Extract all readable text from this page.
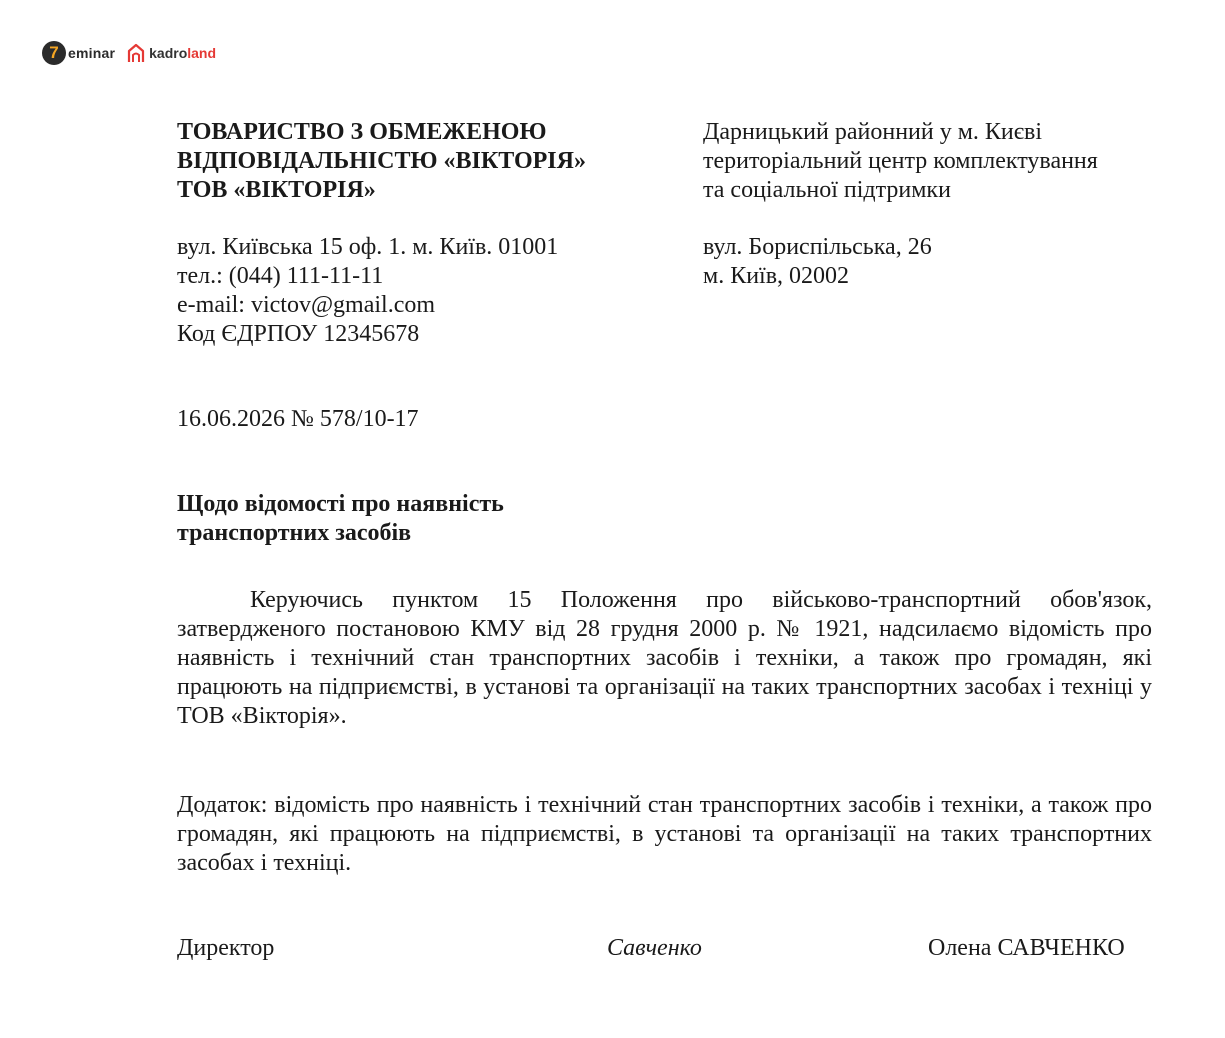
7 eminar kadro land
ТОВАРИСТВО З ОБМЕЖЕНОЮ
ВІДПОВІДАЛЬНІСТЮ «ВІКТОРІЯ»
ТОВ «ВІКТОРІЯ»
вул. Київська 15 оф. 1. м. Київ. 01001
тел.: (044) 111-11-11
e-mail: victov@gmail.com
Код ЄДРПОУ 12345678
Дарницький районний у м. Києві
територіальний центр комплектування
та соціальної підтримки
вул. Бориспільська, 26
м. Київ, 02002
16.06.2026 № 578/10-17
Щодо відомості про наявність
транспортних засобів

Керуючись пунктом 15 Положення про військово-транспортний обов'язок, затвердженого постановою КМУ від 28 грудня 2000 р. № 1921, надсилаємо відомість про наявність і технічний стан транспортних засобів і техніки, а також про громадян, які працюють на підприємстві, в установі та організації на таких транспортних засобах і техніці у ТОВ «Вікторія».

Додаток: відомість про наявність і технічний стан транспортних засобів і техніки, а також про громадян, які працюють на підприємстві, в установі та організації на таких транспортних засобах і техніці.

Директор	Савченко	Олена САВЧЕНКО
